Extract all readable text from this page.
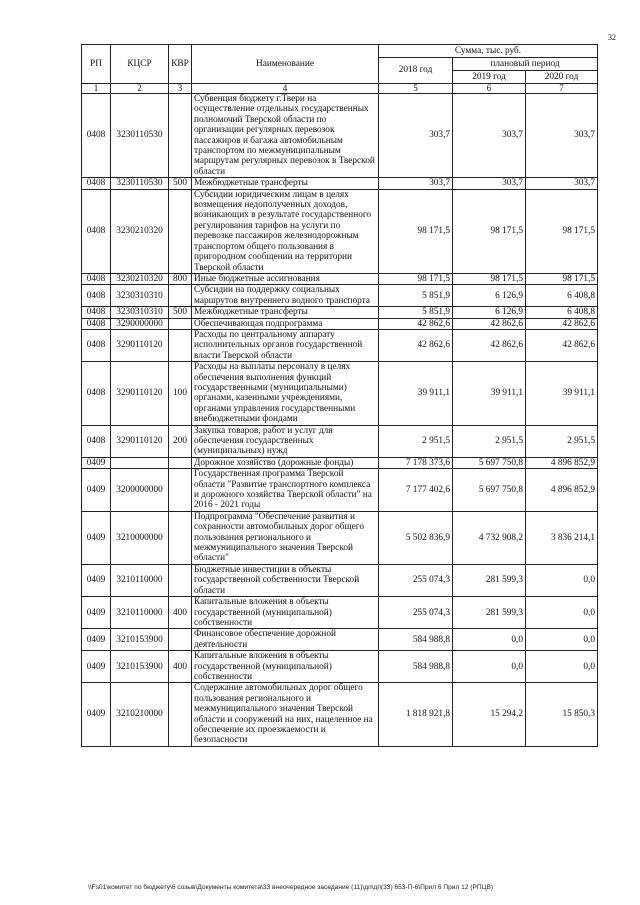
32
РП	КЦСР	КВР	Наименование	Сумма, тыс. руб.		
				2018 год	плановый период	
					2019 год	2020 год
1	2	3	4	5	6	7
0408	3230110530		Субвенция бюджету г.Твери на осуществление отдельных государственных полномочий Тверской области по организации регулярных перевозок пассажиров и багажа автомобильным транспортом по межмуниципальным маршрутам регулярных перевозок в Тверской области	303,7	303,7	303,7
0408	3230110530	500	Межбюджетные трансферты	303,7	303,7	303,7
0408	3230210320		Субсидии юридическим лицам в целях возмещения недополученных доходов, возникающих в результате государственного регулирования тарифов на услуги по перевозке пассажиров железнодорожным транспортом общего пользования в пригородном сообщении на территории Тверской области	98 171,5	98 171,5	98 171,5
0408	3230210320	800	Иные бюджетные ассигнования	98 171,5	98 171,5	98 171,5
0408	3230310310		Субсидии на поддержку социальных маршрутов внутреннего водного транспорта	5 851,9	6 126,9	6 408,8
0408	3230310310	500	Межбюджетные трансферты	5 851,9	6 126,9	6 408,8
0408	3290000000		Обеспечивающая подпрограмма	42 862,6	42 862,6	42 862,6
0408	3290110120		Расходы по центральному аппарату исполнительных органов государственной власти Тверской области	42 862,6	42 862,6	42 862,6
0408	3290110120	100	Расходы на выплаты персоналу в целях обеспечения выполнения функций государственными (муниципальными) органами, казенными учреждениями, органами управления государственными внебюджетными фондами	39 911,1	39 911,1	39 911,1
0408	3290110120	200	Закупка товаров, работ и услуг для обеспечения государственных (муниципальных) нужд	2 951,5	2 951,5	2 951,5
0409			Дорожное хозяйство (дорожные фонды)	7 178 373,6	5 697 750,8	4 896 852,9
0409	3200000000		Государственная программа Тверской области "Развитие транспортного комплекса и дорожного хозяйства Тверской области" на 2016 - 2021 годы	7 177 402,6	5 697 750,8	4 896 852,9
0409	3210000000		Подпрограмма "Обеспечение развития и сохранности автомобильных дорог общего пользования регионального и межмуниципального значения Тверской области"	5 502 836,9	4 732 908,2	3 836 214,1
0409	3210110000		Бюджетные инвестиции в объекты государственной собственности Тверской области	255 074,3	281 599,3	0,0
0409	3210110000	400	Капитальные вложения в объекты государственной (муниципальной) собственности	255 074,3	281 599,3	0,0
0409	3210153900		Финансовое обеспечение дорожной деятельности	584 988,8	0,0	0,0
0409	3210153900	400	Капитальные вложения в объекты государственной (муниципальной) собственности	584 988,8	0,0	0,0
0409	3210210000		Содержание автомобильных дорог общего пользования регионального и межмуниципального значения Тверской области и сооружений на них, нацеленное на обеспечение их проезжаемости и безопасности	1 818 921,8	15 294,2	15 850,3
\\Fs01\комитет по бюджету\6 созыв\Документы комитета\33 внеочередное заседание (11)\дп\дп(33) 653-П-6\Прил 6 Прил 12 (РПЦВ)
